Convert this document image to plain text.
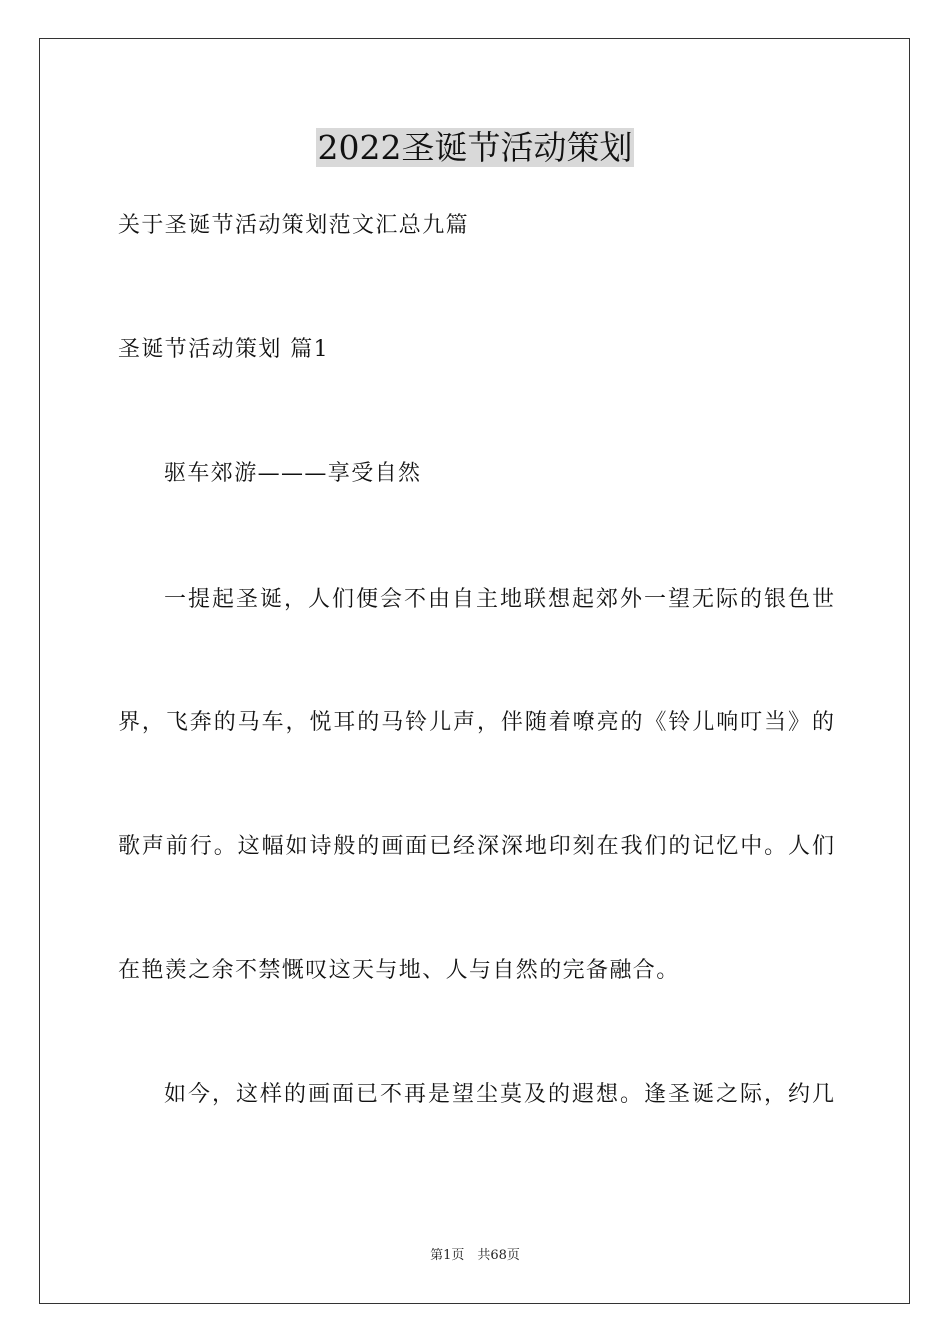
2022圣诞节活动策划
关于圣诞节活动策划范文汇总九篇
圣诞节活动策划 篇1
驱车郊游———享受自然
一提起圣诞，人们便会不由自主地联想起郊外一望无际的银色世
界，飞奔的马车，悦耳的马铃儿声，伴随着嘹亮的《铃儿响叮当》的
歌声前行。这幅如诗般的画面已经深深地印刻在我们的记忆中。人们
在艳羡之余不禁慨叹这天与地、人与自然的完备融合。
如今，这样的画面已不再是望尘莫及的遐想。逢圣诞之际，约几
第1页　共68页
